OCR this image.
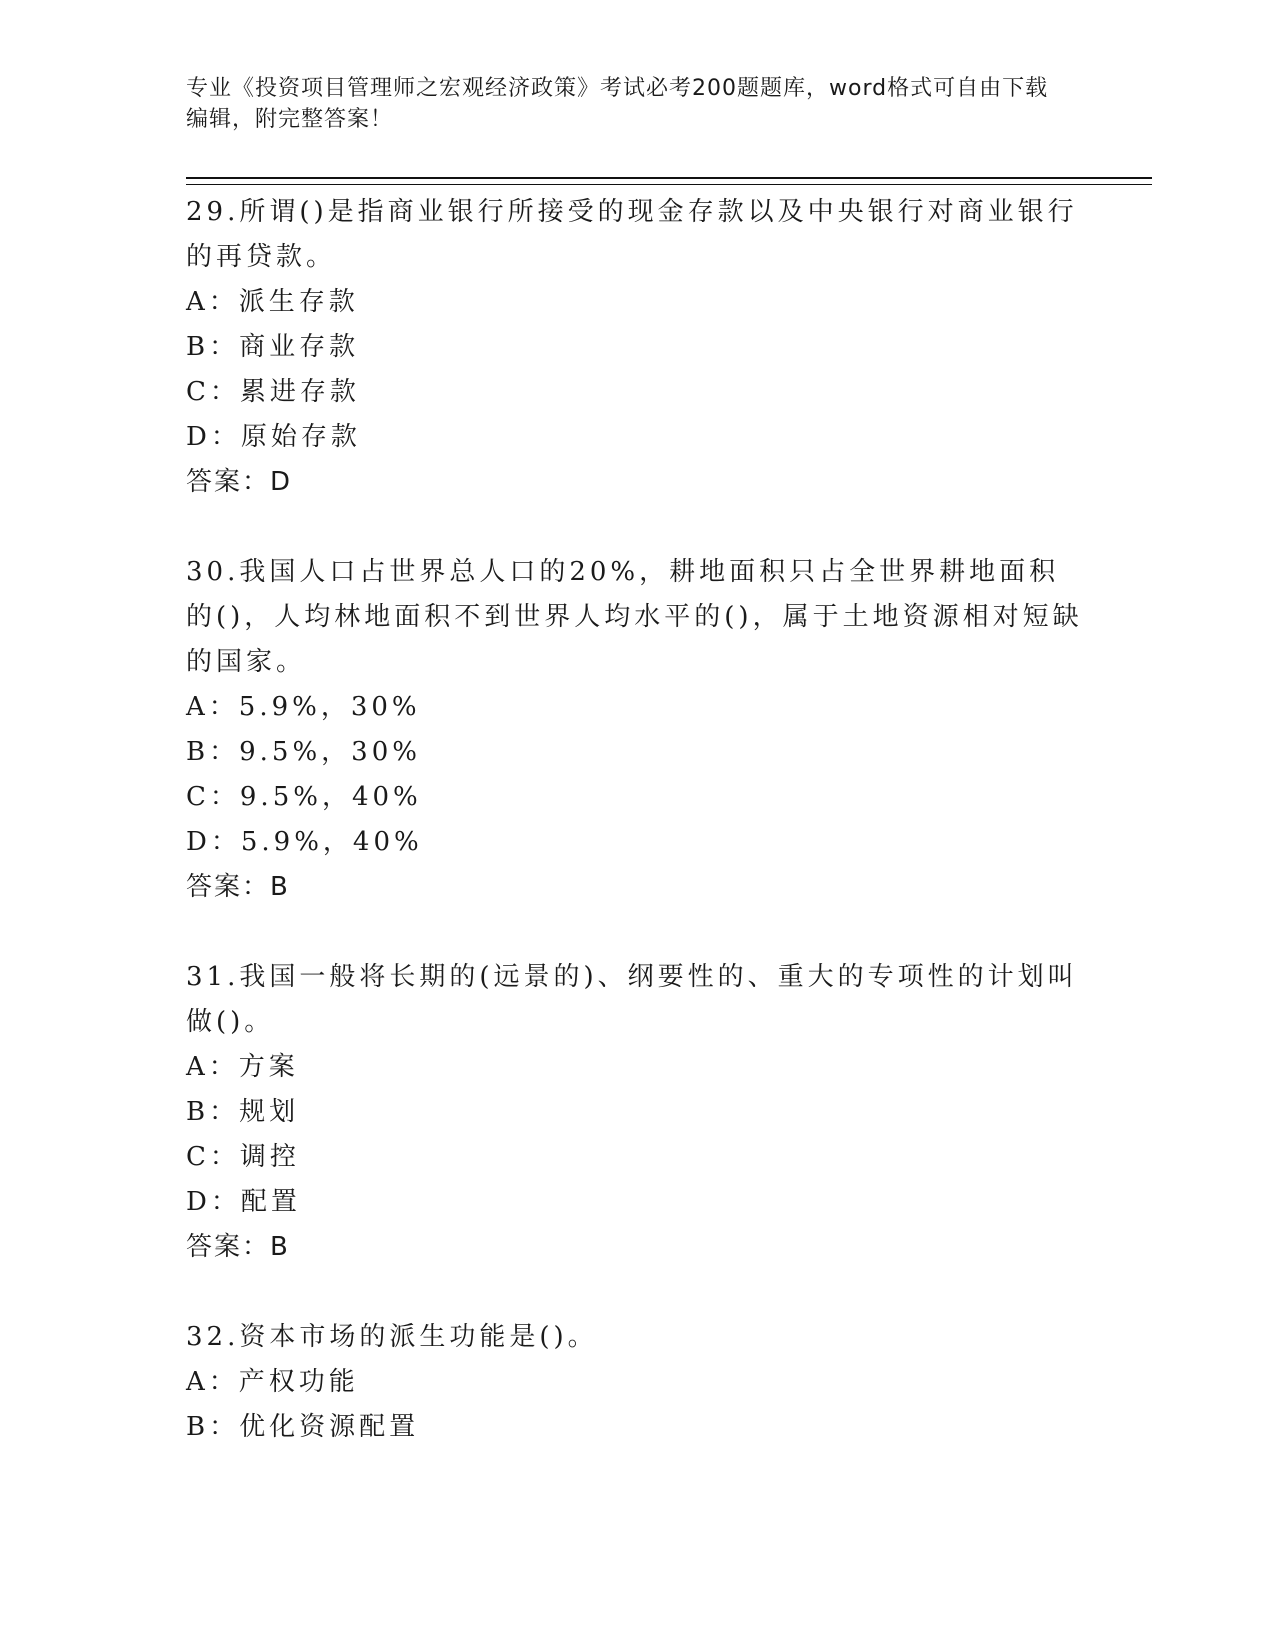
专业《投资项目管理师之宏观经济政策》考试必考200题题库，word格式可自由下载编辑，附完整答案！

29.所谓()是指商业银行所接受的现金存款以及中央银行对商业银行的再贷款。

A：派生存款

B：商业存款

C：累进存款

D：原始存款

答案：D

30.我国人口占世界总人口的20%，耕地面积只占全世界耕地面积的()，人均林地面积不到世界人均水平的()，属于土地资源相对短缺的国家。

A：5.9%，30%

B：9.5%，30%

C：9.5%，40%

D：5.9%，40%

答案：B

31.我国一般将长期的(远景的)、纲要性的、重大的专项性的计划叫做()。

A：方案

B：规划

C：调控

D：配置

答案：B

32.资本市场的派生功能是()。

A：产权功能

B：优化资源配置
